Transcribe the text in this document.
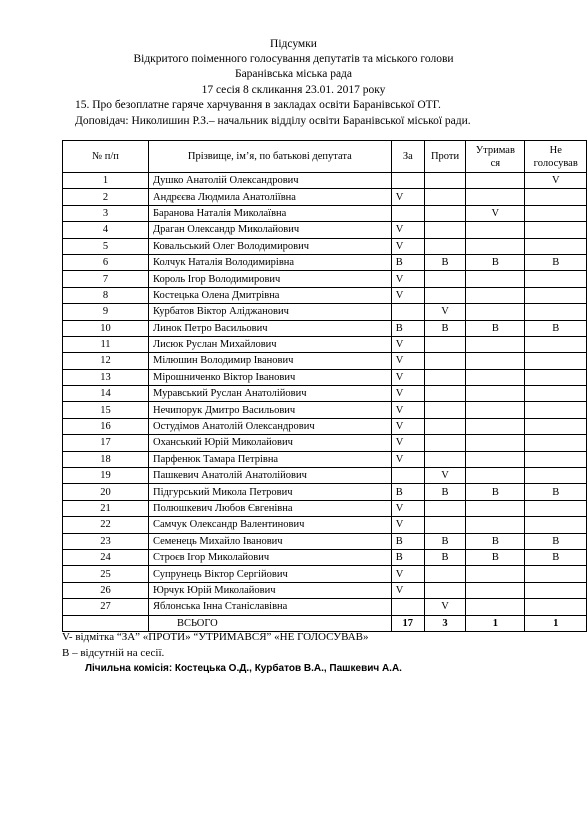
Підсумки
Відкритого поіменного голосування депутатів та міського голови
Баранівська міська рада
17 сесія 8 скликання 23.01. 2017 року
15. Про безоплатне гаряче харчування в закладах освіти Баранівської ОТГ.
Доповідач: Николишин Р.З.– начальник відділу освіти Баранівської міської ради.
№ п/п	Прізвище, ім’я, по батькові депутата	За	Проти	Утримав ся	Не голосував
1	Душко Анатолій Олександрович				V
2	Андрєєва Людмила Анатоліївна	V			
3	Баранова Наталія Миколаївна			V	
4	Драган Олександр Миколайович	V			
5	Ковальський Олег Володимирович	V			
6	Колчук Наталія Володимирівна	В	В	В	В
7	Король Ігор Володимирович	V			
8	Костецька Олена Дмитрівна	V			
9	Курбатов Віктор Аліджанович		V		
10	Линок Петро Васильович	В	В	В	В
11	Лисюк Руслан Михайлович	V			
12	Мілюшин Володимир Іванович	V			
13	Мірошниченко Віктор Іванович	V			
14	Муравський Руслан Анатолійович	V			
15	Нечипорук Дмитро Васильович	V			
16	Остудімов Анатолій Олександрович	V			
17	Оханський Юрій Миколайович	V			
18	Парфенюк Тамара Петрівна	V			
19	Пашкевич Анатолій Анатолійович		V		
20	Підгурський Микола Петрович	В	В	В	В
21	Полюшкевич Любов Євгенівна	V			
22	Самчук Олександр Валентинович	V			
23	Семенець Михайло Іванович	В	В	В	В
24	Строєв Ігор Миколайович	В	В	В	В
25	Супрунець Віктор Сергійович	V			
26	Юрчук Юрій Миколайович	V			
27	Яблонська Інна Станіславівна		V		
	ВСЬОГО	17	3	1	1
V- відмітка “ЗА” «ПРОТИ» “УТРИМАВСЯ” «НЕ ГОЛОСУВАВ»
В – відсутній на сесії.
Лічильна комісія: Костецька О.Д., Курбатов В.А., Пашкевич А.А.
